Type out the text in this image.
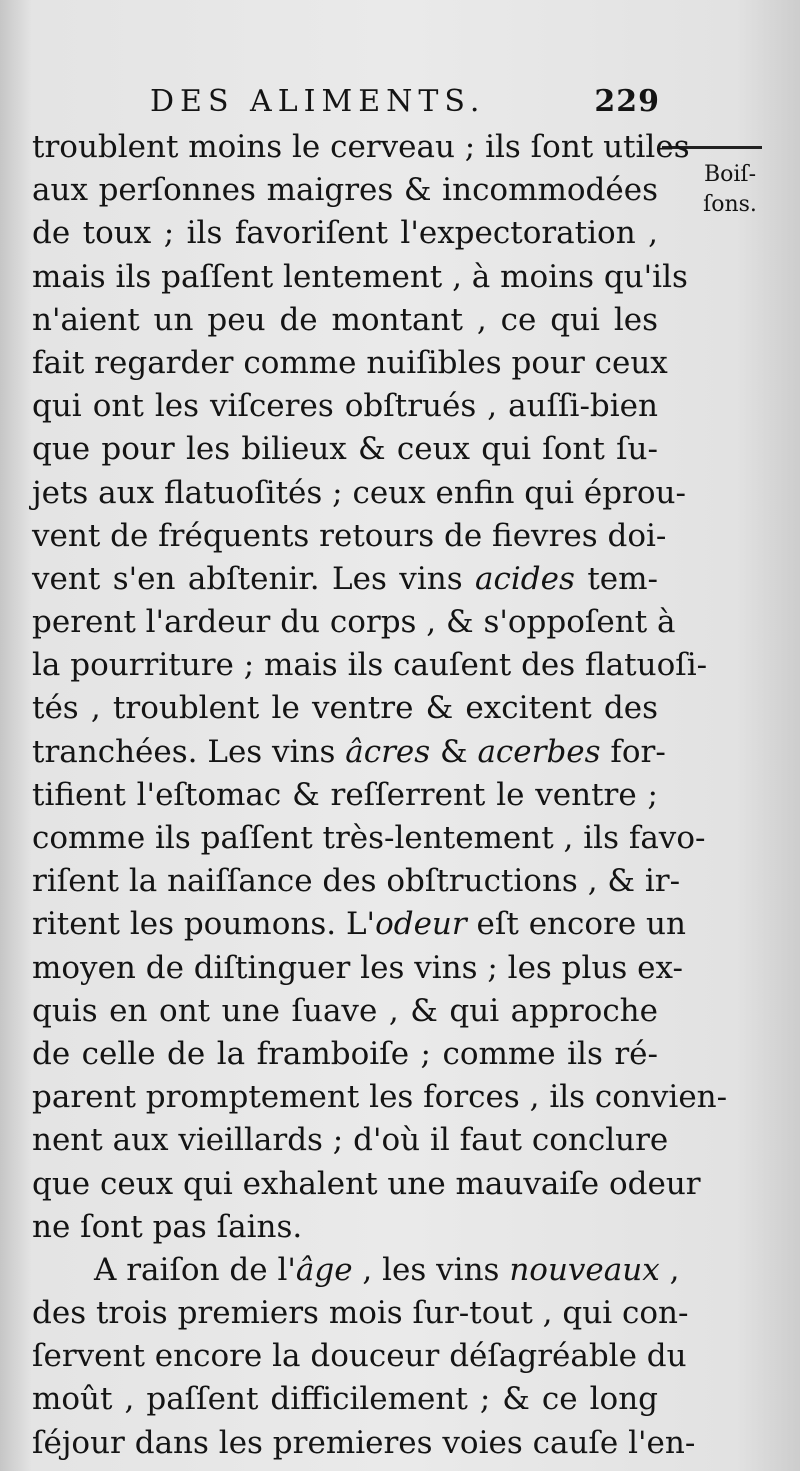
DES ALIMENTS.	229
Boiſ-
ſons.
troublent moins le cerveau ; ils ſont utiles
aux perſonnes maigres & incommodées
de toux ; ils favoriſent l'expectoration ,
mais ils paſſent lentement , à moins qu'ils
n'aient un peu de montant , ce qui les
fait regarder comme nuiſibles pour ceux
qui ont les viſceres obſtrués , auſſi-bien
que pour les bilieux & ceux qui ſont ſu-
jets aux flatuoſités ; ceux enfin qui éprou-
vent de fréquents retours de fievres doi-
vent s'en abſtenir. Les vins acides tem-
perent l'ardeur du corps , & s'oppoſent à
la pourriture ; mais ils cauſent des flatuoſi-
tés , troublent le ventre & excitent des
tranchées. Les vins âcres & acerbes for-
tifient l'eſtomac & reſſerrent le ventre ;
comme ils paſſent très-lentement , ils favo-
riſent la naiſſance des obſtructions , & ir-
ritent les poumons. L'odeur eſt encore un
moyen de diſtinguer les vins ; les plus ex-
quis en ont une ſuave , & qui approche
de celle de la framboiſe ; comme ils ré-
parent promptement les forces , ils convien-
nent aux vieillards ; d'où il faut conclure
que ceux qui exhalent une mauvaiſe odeur
ne ſont pas ſains.
A raiſon de l'âge , les vins nouveaux ,
des trois premiers mois ſur-tout , qui con-
ſervent encore la douceur déſagréable du
moût , paſſent difficilement ; & ce long
ſéjour dans les premieres voies cauſe l'en-
